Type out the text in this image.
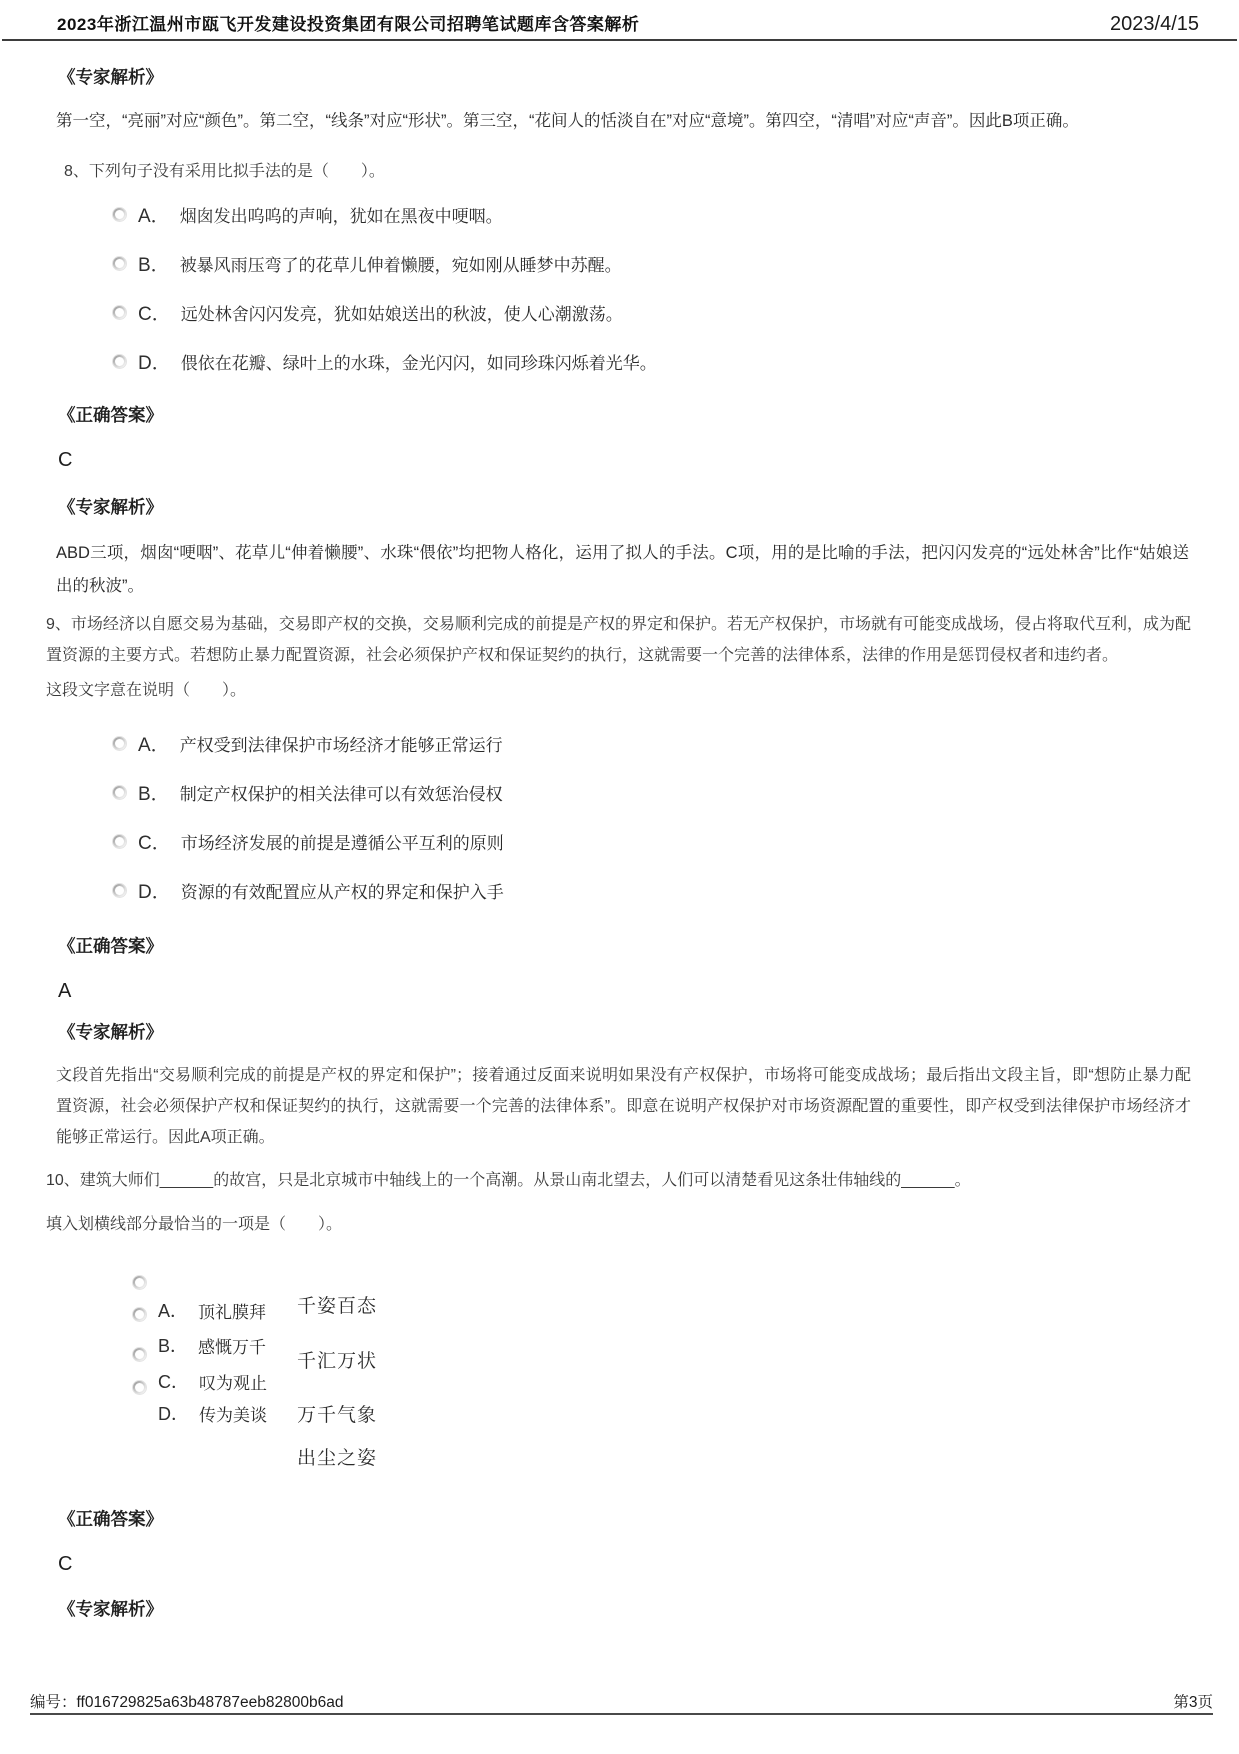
2023年浙江温州市瓯飞开发建设投资集团有限公司招聘笔试题库含答案解析	2023/4/15
《专家解析》
第一空，“亮丽”对应“颜色”。第二空，“线条”对应“形状”。第三空，“花间人的恬淡自在”对应“意境”。第四空，“清唱”对应“声音”。因此B项正确。
8、下列句子没有采用比拟手法的是（　　）。
A． 烟囱发出呜呜的声响，犹如在黑夜中哽咽。
B． 被暴风雨压弯了的花草儿伸着懒腰，宛如刚从睡梦中苏醒。
C． 远处林舍闪闪发亮，犹如姑娘送出的秋波，使人心潮激荡。
D． 偎依在花瓣、绿叶上的水珠，金光闪闪，如同珍珠闪烁着光华。
《正确答案》
C
《专家解析》
ABD三项，烟囱“哽咽”、花草儿“伸着懒腰”、水珠“偎依”均把物人格化，运用了拟人的手法。C项，用的是比喻的手法，把闪闪发亮的“远处林舍”比作“姑娘送出的秋波”。
9、市场经济以自愿交易为基础，交易即产权的交换，交易顺利完成的前提是产权的界定和保护。若无产权保护，市场就有可能变成战场，侵占将取代互利，成为配置资源的主要方式。若想防止暴力配置资源，社会必须保护产权和保证契约的执行，这就需要一个完善的法律体系，法律的作用是惩罚侵权者和违约者。
这段文字意在说明（　　）。
A． 产权受到法律保护市场经济才能够正常运行
B． 制定产权保护的相关法律可以有效惩治侵权
C． 市场经济发展的前提是遵循公平互利的原则
D． 资源的有效配置应从产权的界定和保护入手
《正确答案》
A
《专家解析》
文段首先指出“交易顺利完成的前提是产权的界定和保护”；接着通过反面来说明如果没有产权保护，市场将可能变成战场；最后指出文段主旨，即“想防止暴力配置资源，社会必须保护产权和保证契约的执行，这就需要一个完善的法律体系”。即意在说明产权保护对市场资源配置的重要性，即产权受到法律保护市场经济才能够正常运行。因此A项正确。
10、建筑大师们______的故宫，只是北京城市中轴线上的一个高潮。从景山南北望去，人们可以清楚看见这条壮伟轴线的______。
填入划横线部分最恰当的一项是（　　）。
A． 顶礼膜拜
B． 感慨万千
C． 叹为观止
D． 传为美谈
千姿百态
千汇万状
万千气象
出尘之姿
《正确答案》
C
《专家解析》
编号：ff016729825a63b48787eeb82800b6ad	第3页
